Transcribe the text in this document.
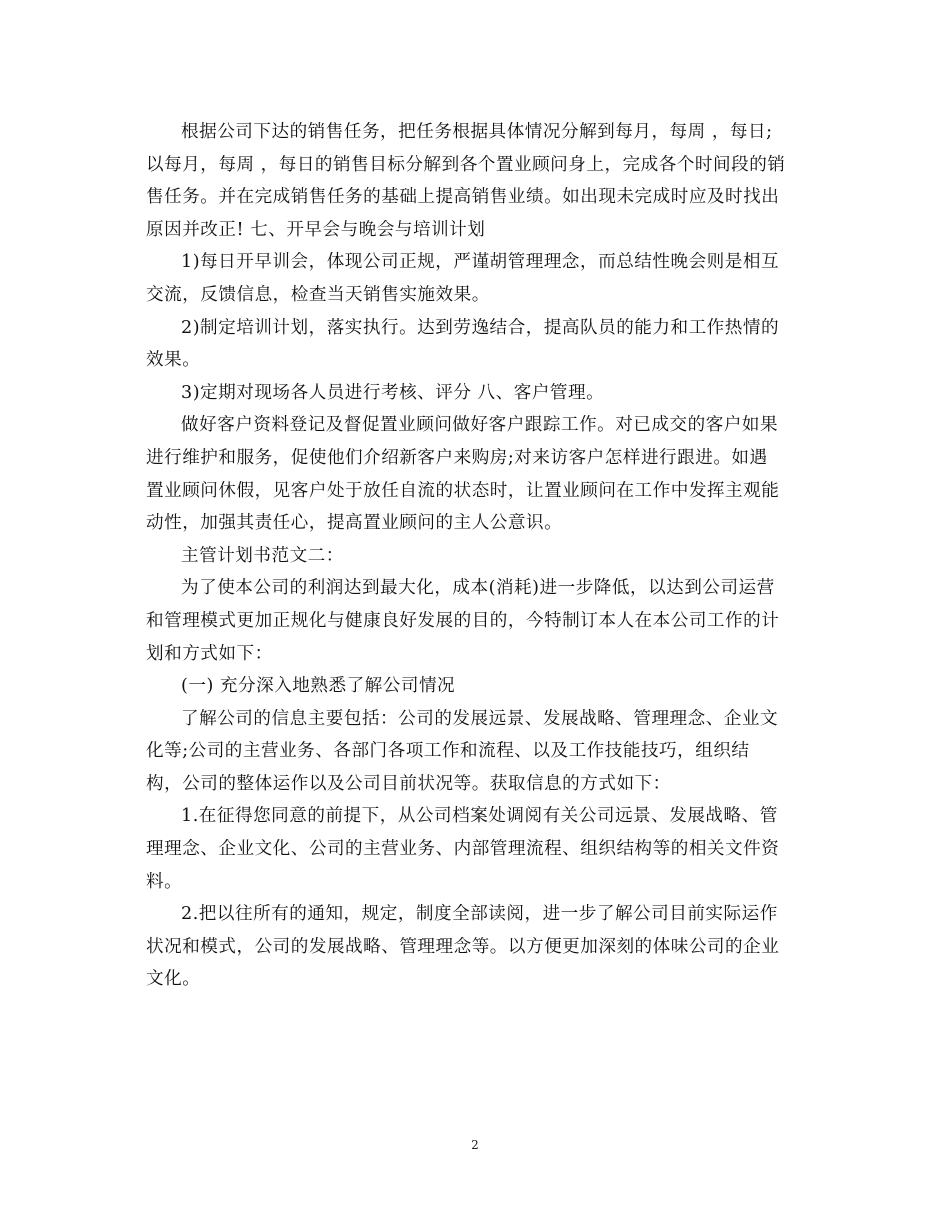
根据公司下达的销售任务，把任务根据具体情况分解到每月，每周 ，每日;
以每月，每周 ，每日的销售目标分解到各个置业顾问身上，完成各个时间段的销
售任务。并在完成销售任务的基础上提高销售业绩。如出现未完成时应及时找出
原因并改正! 七、开早会与晚会与培训计划
1)每日开早训会，体现公司正规，严谨胡管理理念，而总结性晚会则是相互
交流，反馈信息，检查当天销售实施效果。
2)制定培训计划，落实执行。达到劳逸结合，提高队员的能力和工作热情的
效果。
3)定期对现场各人员进行考核、评分 八、客户管理。
做好客户资料登记及督促置业顾问做好客户跟踪工作。对已成交的客户如果
进行维护和服务，促使他们介绍新客户来购房;对来访客户怎样进行跟进。如遇
置业顾问休假，见客户处于放任自流的状态时，让置业顾问在工作中发挥主观能
动性，加强其责任心，提高置业顾问的主人公意识。
主管计划书范文二：
为了使本公司的利润达到最大化，成本(消耗)进一步降低，以达到公司运营
和管理模式更加正规化与健康良好发展的目的，今特制订本人在本公司工作的计
划和方式如下：
(一) 充分深入地熟悉了解公司情况
了解公司的信息主要包括：公司的发展远景、发展战略、管理理念、企业文
化等;公司的主营业务、各部门各项工作和流程、以及工作技能技巧，组织结
构，公司的整体运作以及公司目前状况等。获取信息的方式如下：
1.在征得您同意的前提下，从公司档案处调阅有关公司远景、发展战略、管
理理念、企业文化、公司的主营业务、内部管理流程、组织结构等的相关文件资
料。
2.把以往所有的通知，规定，制度全部读阅，进一步了解公司目前实际运作
状况和模式，公司的发展战略、管理理念等。以方便更加深刻的体味公司的企业
文化。
2
